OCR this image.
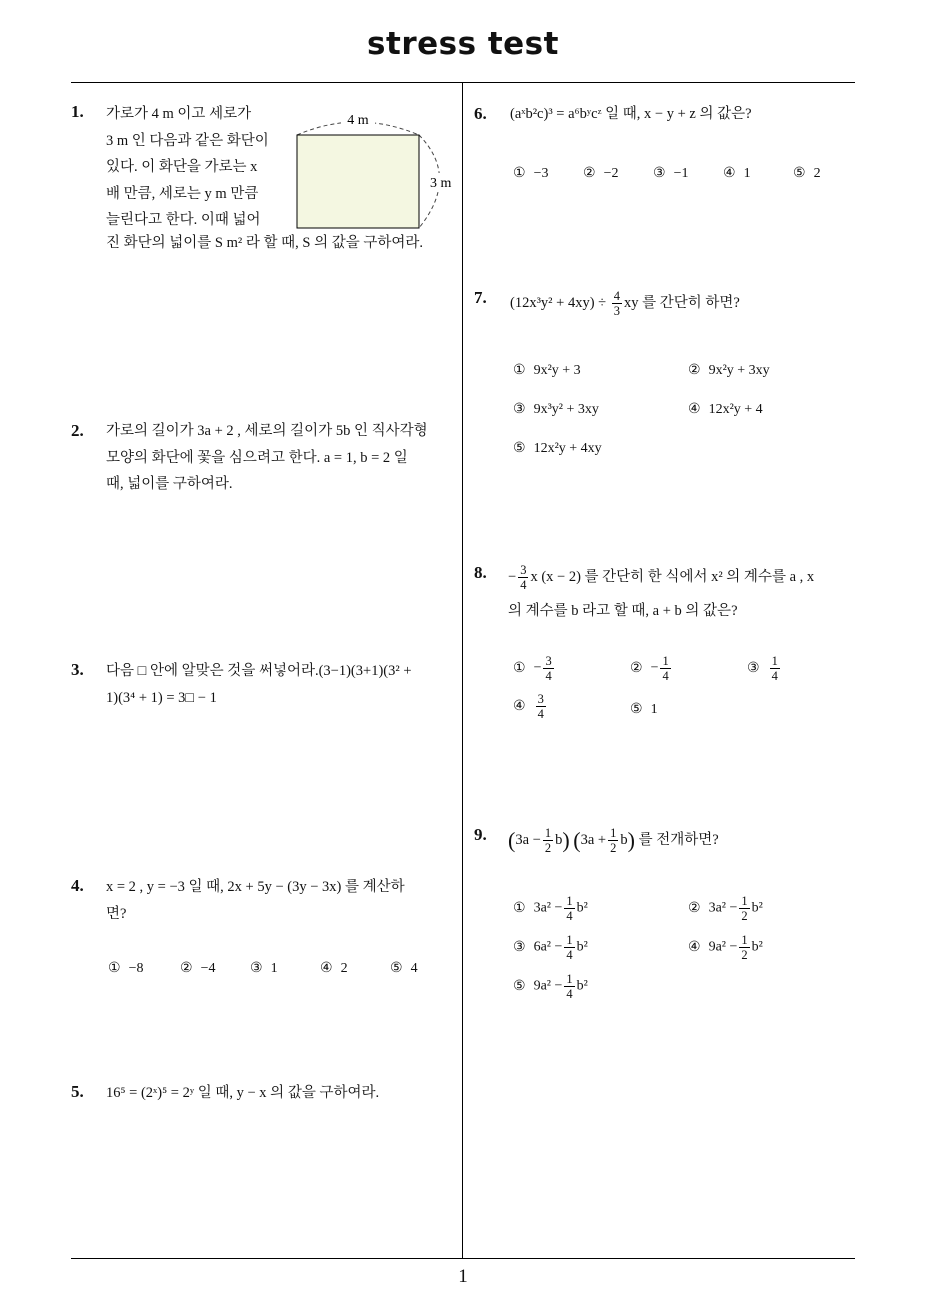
stress test
1
1. 가로가 4 m 이고 세로가
3 m 인 다음과 같은 화단이
있다. 이 화단을 가로는 x
배 만큼, 세로는 y m 만큼
늘린다고 한다. 이때 넓어
진 화단의 넓이를 S m² 라 할 때, S 의 값을 구하여라.
4 m
3 m
2. 가로의 길이가 3a + 2 , 세로의 길이가 5b 인 직사각형
모양의 화단에 꽃을 심으려고 한다. a = 1, b = 2 일
때, 넓이를 구하여라.
3. 다음 □ 안에 알맞은 것을 써넣어라.(3−1)(3+1)(3² +
1)(3⁴ + 1) = 3□ − 1
4. x = 2 , y = −3 일 때, 2x + 5y − (3y − 3x) 를 계산하
면?
① −8	② −4 ③ 1	④ 2	⑤ 4
5. 16⁵ = (2ˣ)⁵ = 2ʸ 일 때, y − x 의 값을 구하여라.
6. (aˣb²c)³ = a⁶bʸcᶻ 일 때, x − y + z 의 값은?
① −3 ② −2 ③ −1 ④ 1	⑤ 2
7. $(12x^3y^2 + 4xy) \div \frac{4}{3}$ xy 를 간단히 하면?
① 9x²y + 3	② 9x²y + 3xy
③ 9x³y² + 3xy	④ 12x²y + 4
⑤ 12x²y + 4xy
8. − $\frac{3}{4}$ x (x − 2) 를 간단히 한 식에서 x² 의 계수를 a , x
의 계수를 b 라고 할 때, a + b 의 값은?
① − $\frac{3}{4}$	② − $\frac{1}{4}$	③ $\frac{1}{4}$
④ $\frac{3}{4}$	⑤ 1
9. $(3a - \frac{1}{2} b)$ $(3a + \frac{1}{2} b)$ 를 전개하면?
① $3a^2 - \frac{1}{4} b^2$	② $3a^2 - \frac{1}{2} b^2$
③ $6a^2 - \frac{1}{4} b^2$	④ $9a^2 - \frac{1}{2} b^2$
⑤ $9a^2 - \frac{1}{4} b^2$
